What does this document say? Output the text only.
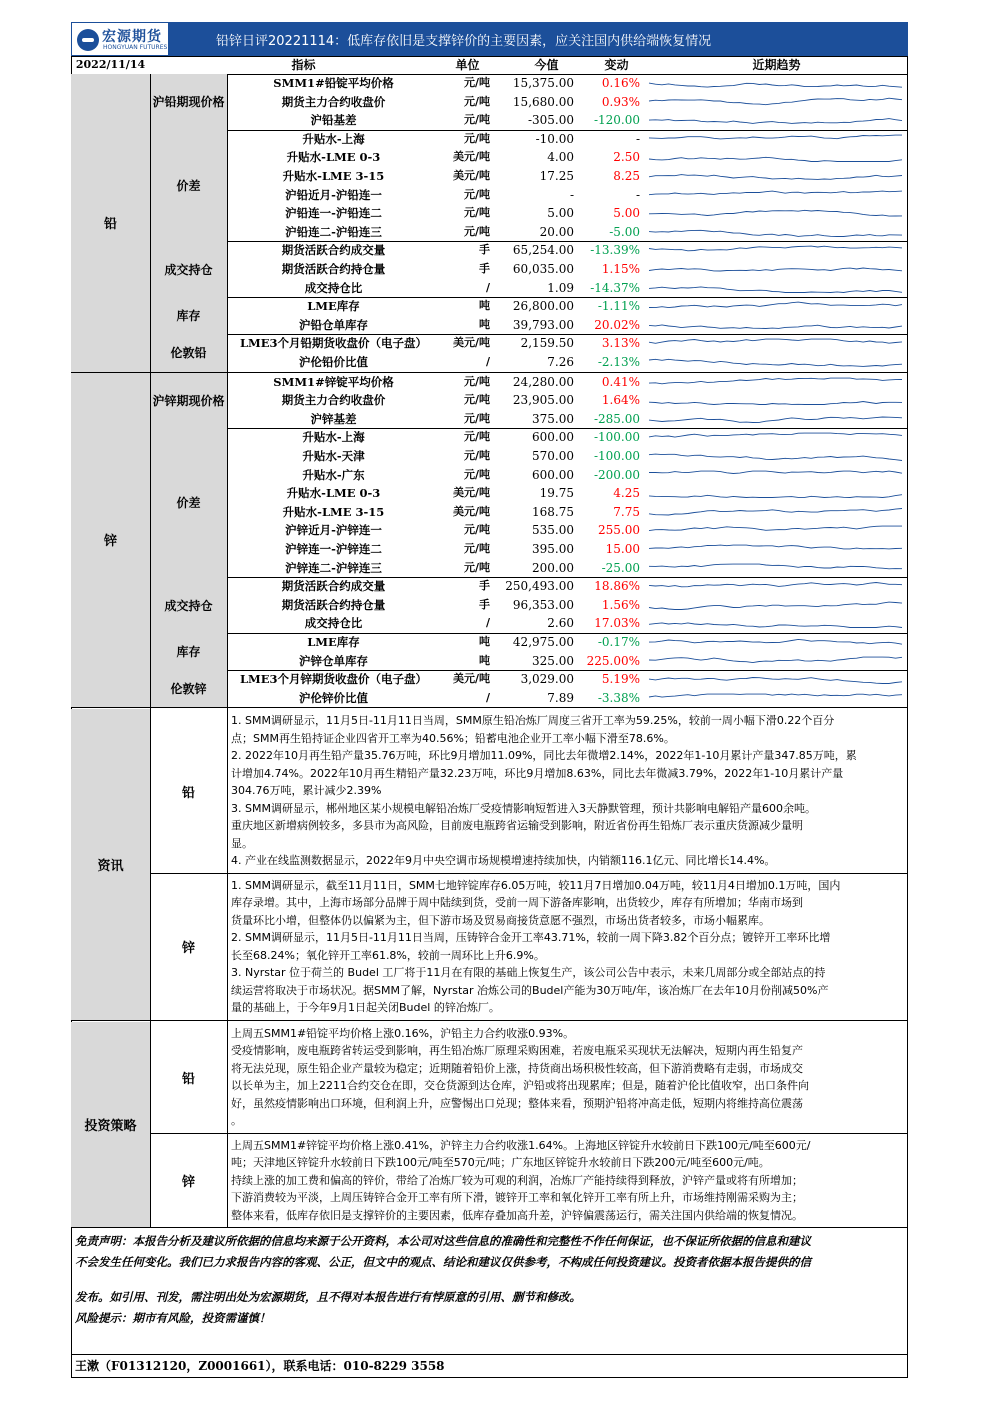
宏源期货
HONGYUAN FUTURES	铅锌日评20221114：低库存依旧是支撑锌价的主要因素，应关注国内供给端恢复情况
2022/11/14	指标	单位	今值	变动	近期趋势
SMM1#铅锭平均价格	元/吨	15,375.00	0.16%
期货主力合约收盘价	元/吨	15,680.00	0.93%
沪铅基差	元/吨	-305.00	-120.00
沪铅期现价格
升贴水-上海	元/吨	-10.00	-
升贴水-LME 0-3	美元/吨	4.00	2.50
升贴水-LME 3-15	美元/吨	17.25	8.25
沪铅近月-沪铅连一	元/吨	-	-
沪铅连一-沪铅连二	元/吨	5.00	5.00
沪铅连二-沪铅连三	元/吨	20.00	-5.00
价差
期货活跃合约成交量	手	65,254.00	-13.39%
期货活跃合约持仓量	手	60,035.00	1.15%
成交持仓比	/	1.09	-14.37%
成交持仓
LME库存	吨	26,800.00	-1.11%
沪铅仓单库存	吨	39,793.00	20.02%
库存
LME3个月铅期货收盘价（电子盘）	美元/吨	2,159.50	3.13%
沪伦铅价比值	/	7.26	-2.13%
伦敦铅
铅
SMM1#锌锭平均价格	元/吨	24,280.00	0.41%
期货主力合约收盘价	元/吨	23,905.00	1.64%
沪锌基差	元/吨	375.00	-285.00
沪锌期现价格
升贴水-上海	元/吨	600.00	-100.00
升贴水-天津	元/吨	570.00	-100.00
升贴水-广东	元/吨	600.00	-200.00
升贴水-LME 0-3	美元/吨	19.75	4.25
升贴水-LME 3-15	美元/吨	168.75	7.75
沪锌近月-沪锌连一	元/吨	535.00	255.00
沪锌连一-沪锌连二	元/吨	395.00	15.00
沪锌连二-沪锌连三	元/吨	200.00	-25.00
价差
期货活跃合约成交量	手	250,493.00	18.86%
期货活跃合约持仓量	手	96,353.00	1.56%
成交持仓比	/	2.60	17.03%
成交持仓
LME库存	吨	42,975.00	-0.17%
沪锌仓单库存	吨	325.00	225.00%
库存
LME3个月锌期货收盘价（电子盘）	美元/吨	3,029.00	5.19%
沪伦锌价比值	/	7.89	-3.38%
伦敦锌
锌
铅
1. SMM调研显示，11月5日-11月11日当周，SMM原生铅冶炼厂周度三省开工率为59.25%，较前一周小幅下滑0.22个百分
点；SMM再生铅持证企业四省开工率为40.56%；铅蓄电池企业开工率小幅下滑至78.6%。
2. 2022年10月再生铅产量35.76万吨，环比9月增加11.09%，同比去年微增2.14%，2022年1-10月累计产量347.85万吨，累
计增加4.74%。2022年10月再生精铅产量32.23万吨，环比9月增加8.63%，同比去年微减3.79%，2022年1-10月累计产量
304.76万吨，累计减少2.39%
3. SMM调研显示，郴州地区某小规模电解铅冶炼厂受疫情影响短暂进入3天静默管理，预计共影响电解铅产量600余吨。
重庆地区新增病例较多，多县市为高风险，目前废电瓶跨省运输受到影响，附近省份再生铅炼厂表示重庆货源减少量明
显。
4. 产业在线监测数据显示，2022年9月中央空调市场规模增速持续加快，内销额116.1亿元、同比增长14.4%。
锌
1. SMM调研显示，截至11月11日，SMM七地锌锭库存6.05万吨，较11月7日增加0.04万吨，较11月4日增加0.1万吨，国内
库存录增。其中，上海市场部分品牌于周中陆续到货，受前一周下游备库影响，出货较少，库存有所增加；华南市场到
货量环比小增，但整体仍以偏紧为主，但下游市场及贸易商接货意愿不强烈，市场出货者较多，市场小幅累库。
2. SMM调研显示，11月5日-11月11日当周，压铸锌合金开工率43.71%，较前一周下降3.82个百分点；镀锌开工率环比增
长至68.24%；氧化锌开工率61.8%，较前一周环比上升6.9%。
3. Nyrstar 位于荷兰的 Budel 工厂将于11月在有限的基础上恢复生产，该公司公告中表示，未来几周部分或全部站点的持
续运营将取决于市场状况。据SMM了解，Nyrstar 冶炼公司的Budel产能为30万吨/年，该冶炼厂在去年10月份削减50%产
量的基础上，于今年9月1日起关闭Budel 的锌冶炼厂。
资讯
铅
上周五SMM1#铅锭平均价格上涨0.16%，沪铅主力合约收涨0.93%。
受疫情影响，废电瓶跨省转运受到影响，再生铅冶炼厂原理采购困难，若废电瓶采买现状无法解决，短期内再生铅复产
将无法兑现，原生铅企业产量较为稳定；近期随着铅价上涨，持货商出场积极性较高，但下游消费略有走弱，市场成交
以长单为主，加上2211合约交仓在即，交仓货源到达仓库，沪铅或将出现累库；但是，随着沪伦比值收窄，出口条件向
好，虽然疫情影响出口环境，但利润上升，应警惕出口兑现；整体来看，预期沪铅将冲高走低，短期内将维持高位震荡
。
锌
上周五SMM1#锌锭平均价格上涨0.41%，沪锌主力合约收涨1.64%。上海地区锌锭升水较前日下跌100元/吨至600元/
吨；天津地区锌锭升水较前日下跌100元/吨至570元/吨；广东地区锌锭升水较前日下跌200元/吨至600元/吨。
持续上涨的加工费和偏高的锌价，带给了冶炼厂较为可观的利润，冶炼厂产能持续得到释放，沪锌产量或将有所增加；
下游消费较为平淡，上周压铸锌合金开工率有所下滑，镀锌开工率和氧化锌开工率有所上升，市场维持刚需采购为主；
整体来看，低库存依旧是支撑锌价的主要因素，低库存叠加高升差，沪锌偏震荡运行，需关注国内供给端的恢复情况。
投资策略
免责声明：本报告分析及建议所依据的信息均来源于公开资料，本公司对这些信息的准确性和完整性不作任何保证，也不保证所依据的信息和建议
不会发生任何变化。我们已力求报告内容的客观、公正，但文中的观点、结论和建议仅供参考，不构成任何投资建议。投资者依据本报告提供的信
发布。如引用、刊发，需注明出处为宏源期货，且不得对本报告进行有悖原意的引用、删节和修改。
风险提示：期市有风险，投资需谨慎！
王漱（F01312120，Z0001661），联系电话：010-8229 3558
